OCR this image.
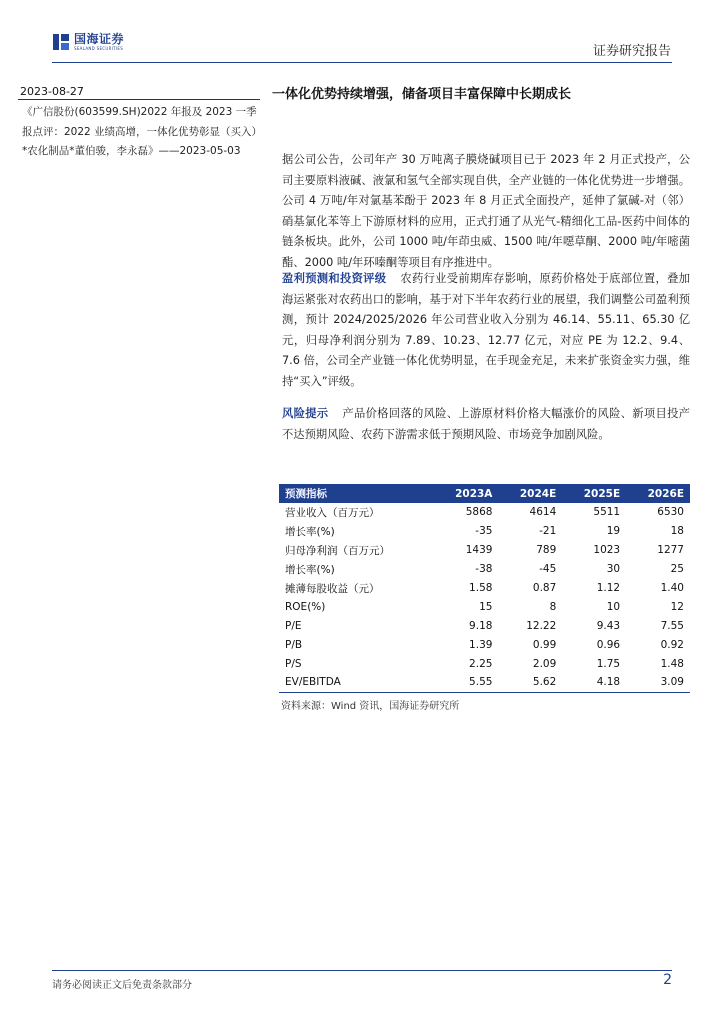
国海证券
SEALAND SECURITIES	证券研究报告
2023-08-27
《广信股份(603599.SH)2022 年报及 2023 一季报点评：2022 业绩高增，一体化优势彰显（买入）*农化制品*董伯骏，李永磊》——2023-05-03
一体化优势持续增强，储备项目丰富保障中长期成长
据公司公告，公司年产 30 万吨离子膜烧碱项目已于 2023 年 2 月正式投产，公司主要原料液碱、液氯和氢气全部实现自供，全产业链的一体化优势进一步增强。公司 4 万吨/年对氯基苯酚于 2023 年 8 月正式全面投产，延伸了氯碱-对（邻）硝基氯化苯等上下游原材料的应用，正式打通了从光气-精细化工品-医药中间体的链条板块。此外，公司 1000 吨/年茚虫威、1500 吨/年噁草酮、2000 吨/年嘧菌酯、2000 吨/年环嗪酮等项目有序推进中。
盈利预测和投资评级 农药行业受前期库存影响，原药价格处于底部位置，叠加海运紧张对农药出口的影响，基于对下半年农药行业的展望，我们调整公司盈利预测，预计 2024/2025/2026 年公司营业收入分别为 46.14、55.11、65.30 亿元，归母净利润分别为 7.89、10.23、12.77 亿元，对应 PE 为 12.2、9.4、7.6 倍，公司全产业链一体化优势明显，在手现金充足，未来扩张资金实力强，维持“买入”评级。
风险提示 产品价格回落的风险、上游原材料价格大幅涨价的风险、新项目投产不达预期风险、农药下游需求低于预期风险、市场竞争加剧风险。
预测指标	2023A	2024E	2025E	2026E
营业收入（百万元）	5868	4614	5511	6530
增长率(%)	-35	-21	19	18
归母净利润（百万元）	1439	789	1023	1277
增长率(%)	-38	-45	30	25
摊薄每股收益（元）	1.58	0.87	1.12	1.40
ROE(%)	15	8	10	12
P/E	9.18	12.22	9.43	7.55
P/B	1.39	0.99	0.96	0.92
P/S	2.25	2.09	1.75	1.48
EV/EBITDA	5.55	5.62	4.18	3.09
资料来源：Wind 资讯，国海证券研究所
请务必阅读正文后免责条款部分	2
